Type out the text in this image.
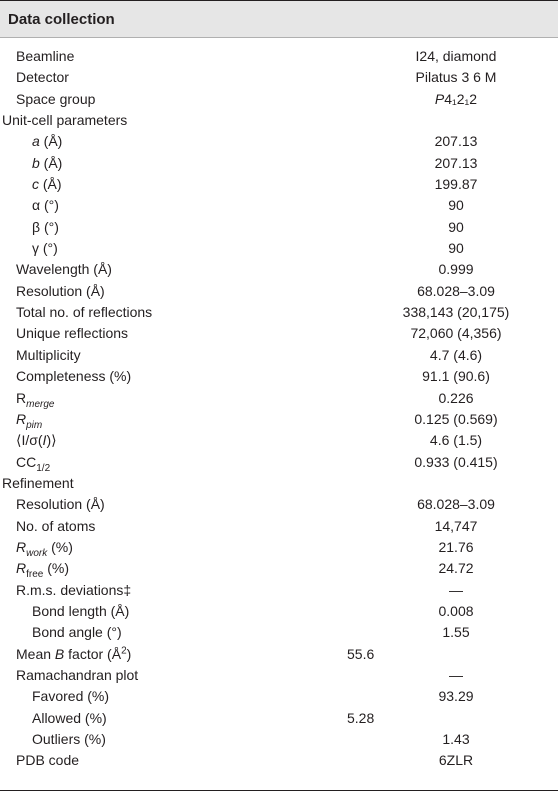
Data collection
Beamline	I24, diamond
Detector	Pilatus 3 6 M
Space group	P4₁2₁2
Unit-cell parameters
a (Å)	207.13
b (Å)	207.13
c (Å)	199.87
α (°)	90
β (°)	90
γ (°)	90
Wavelength (Å)	0.999
Resolution (Å)	68.028–3.09
Total no. of reflections	338,143 (20,175)
Unique reflections	72,060 (4,356)
Multiplicity	4.7 (4.6)
Completeness (%)	91.1 (90.6)
$R_{merge}$	0.226
$R_{pim}$	0.125 (0.569)
⟨I/σ(I)⟩	4.6 (1.5)
$CC_{1/2}$	0.933 (0.415)
Refinement
Resolution (Å)	68.028–3.09
No. of atoms	14,747
$R_{work}$ (%)	21.76
$R_{free}$ (%)	24.72
R.m.s. deviations‡	—
Bond length (Å)	0.008
Bond angle (°)	1.55
Mean B factor $(Å^2)$	55.6
Ramachandran plot	—
Favored (%)	93.29
Allowed (%)	5.28
Outliers (%)	1.43
PDB code	6ZLR
